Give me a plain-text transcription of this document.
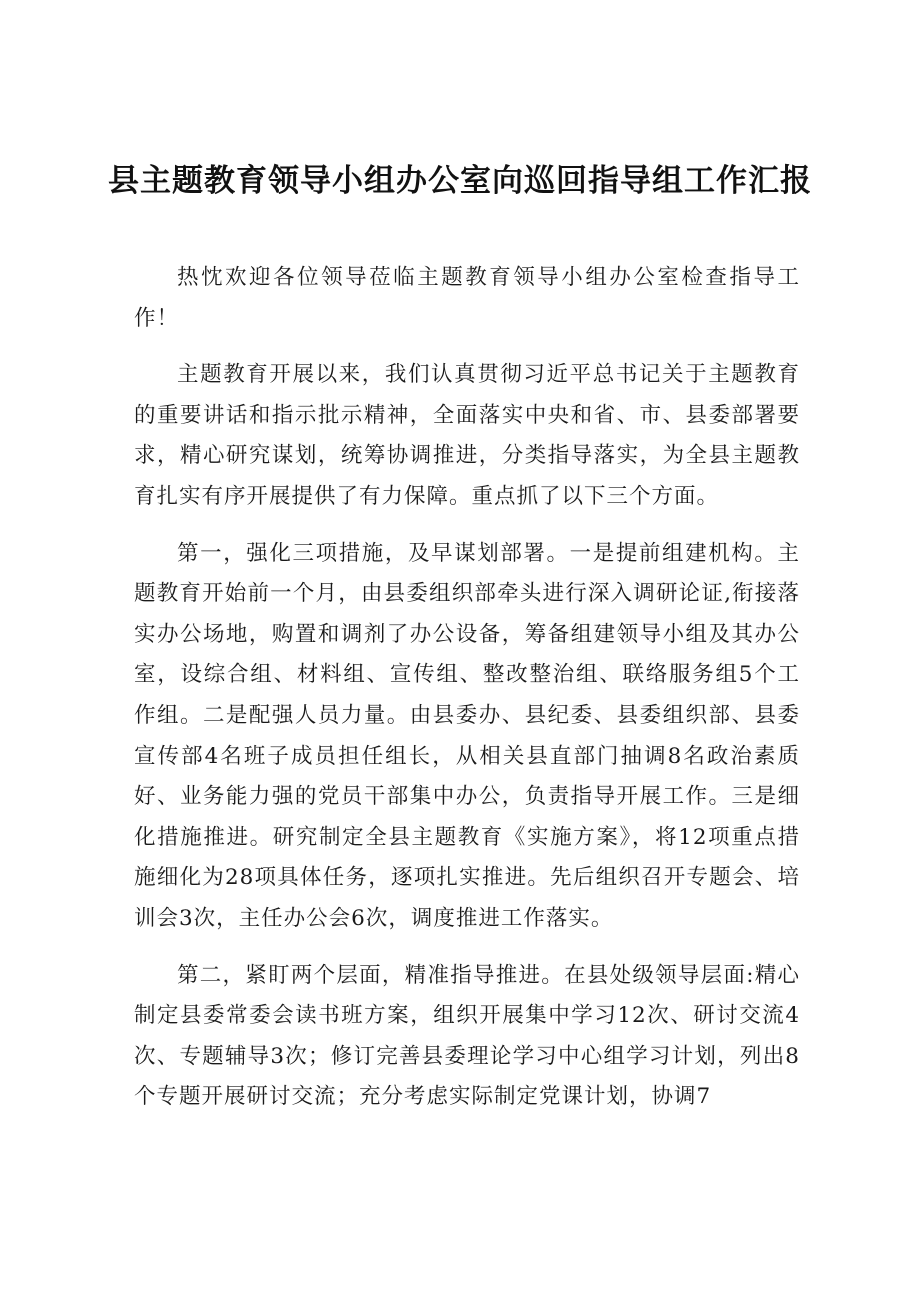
县主题教育领导小组办公室向巡回指导组工作汇报

热忱欢迎各位领导莅临主题教育领导小组办公室检查指导工作！

主题教育开展以来，我们认真贯彻习近平总书记关于主题教育的重要讲话和指示批示精神，全面落实中央和省、市、县委部署要求，精心研究谋划，统筹协调推进，分类指导落实，为全县主题教育扎实有序开展提供了有力保障。重点抓了以下三个方面。

第一，强化三项措施，及早谋划部署。一是提前组建机构。主题教育开始前一个月，由县委组织部牵头进行深入调研论证,衔接落实办公场地，购置和调剂了办公设备，筹备组建领导小组及其办公室，设综合组、材料组、宣传组、整改整治组、联络服务组5个工作组。二是配强人员力量。由县委办、县纪委、县委组织部、县委宣传部4名班子成员担任组长，从相关县直部门抽调8名政治素质好、业务能力强的党员干部集中办公，负责指导开展工作。三是细化措施推进。研究制定全县主题教育《实施方案》，将12项重点措施细化为28项具体任务，逐项扎实推进。先后组织召开专题会、培训会3次，主任办公会6次，调度推进工作落实。

第二，紧盯两个层面，精准指导推进。在县处级领导层面:精心制定县委常委会读书班方案，组织开展集中学习12次、研讨交流4次、专题辅导3次；修订完善县委理论学习中心组学习计划，列出8个专题开展研讨交流；充分考虑实际制定党课计划，协调7
